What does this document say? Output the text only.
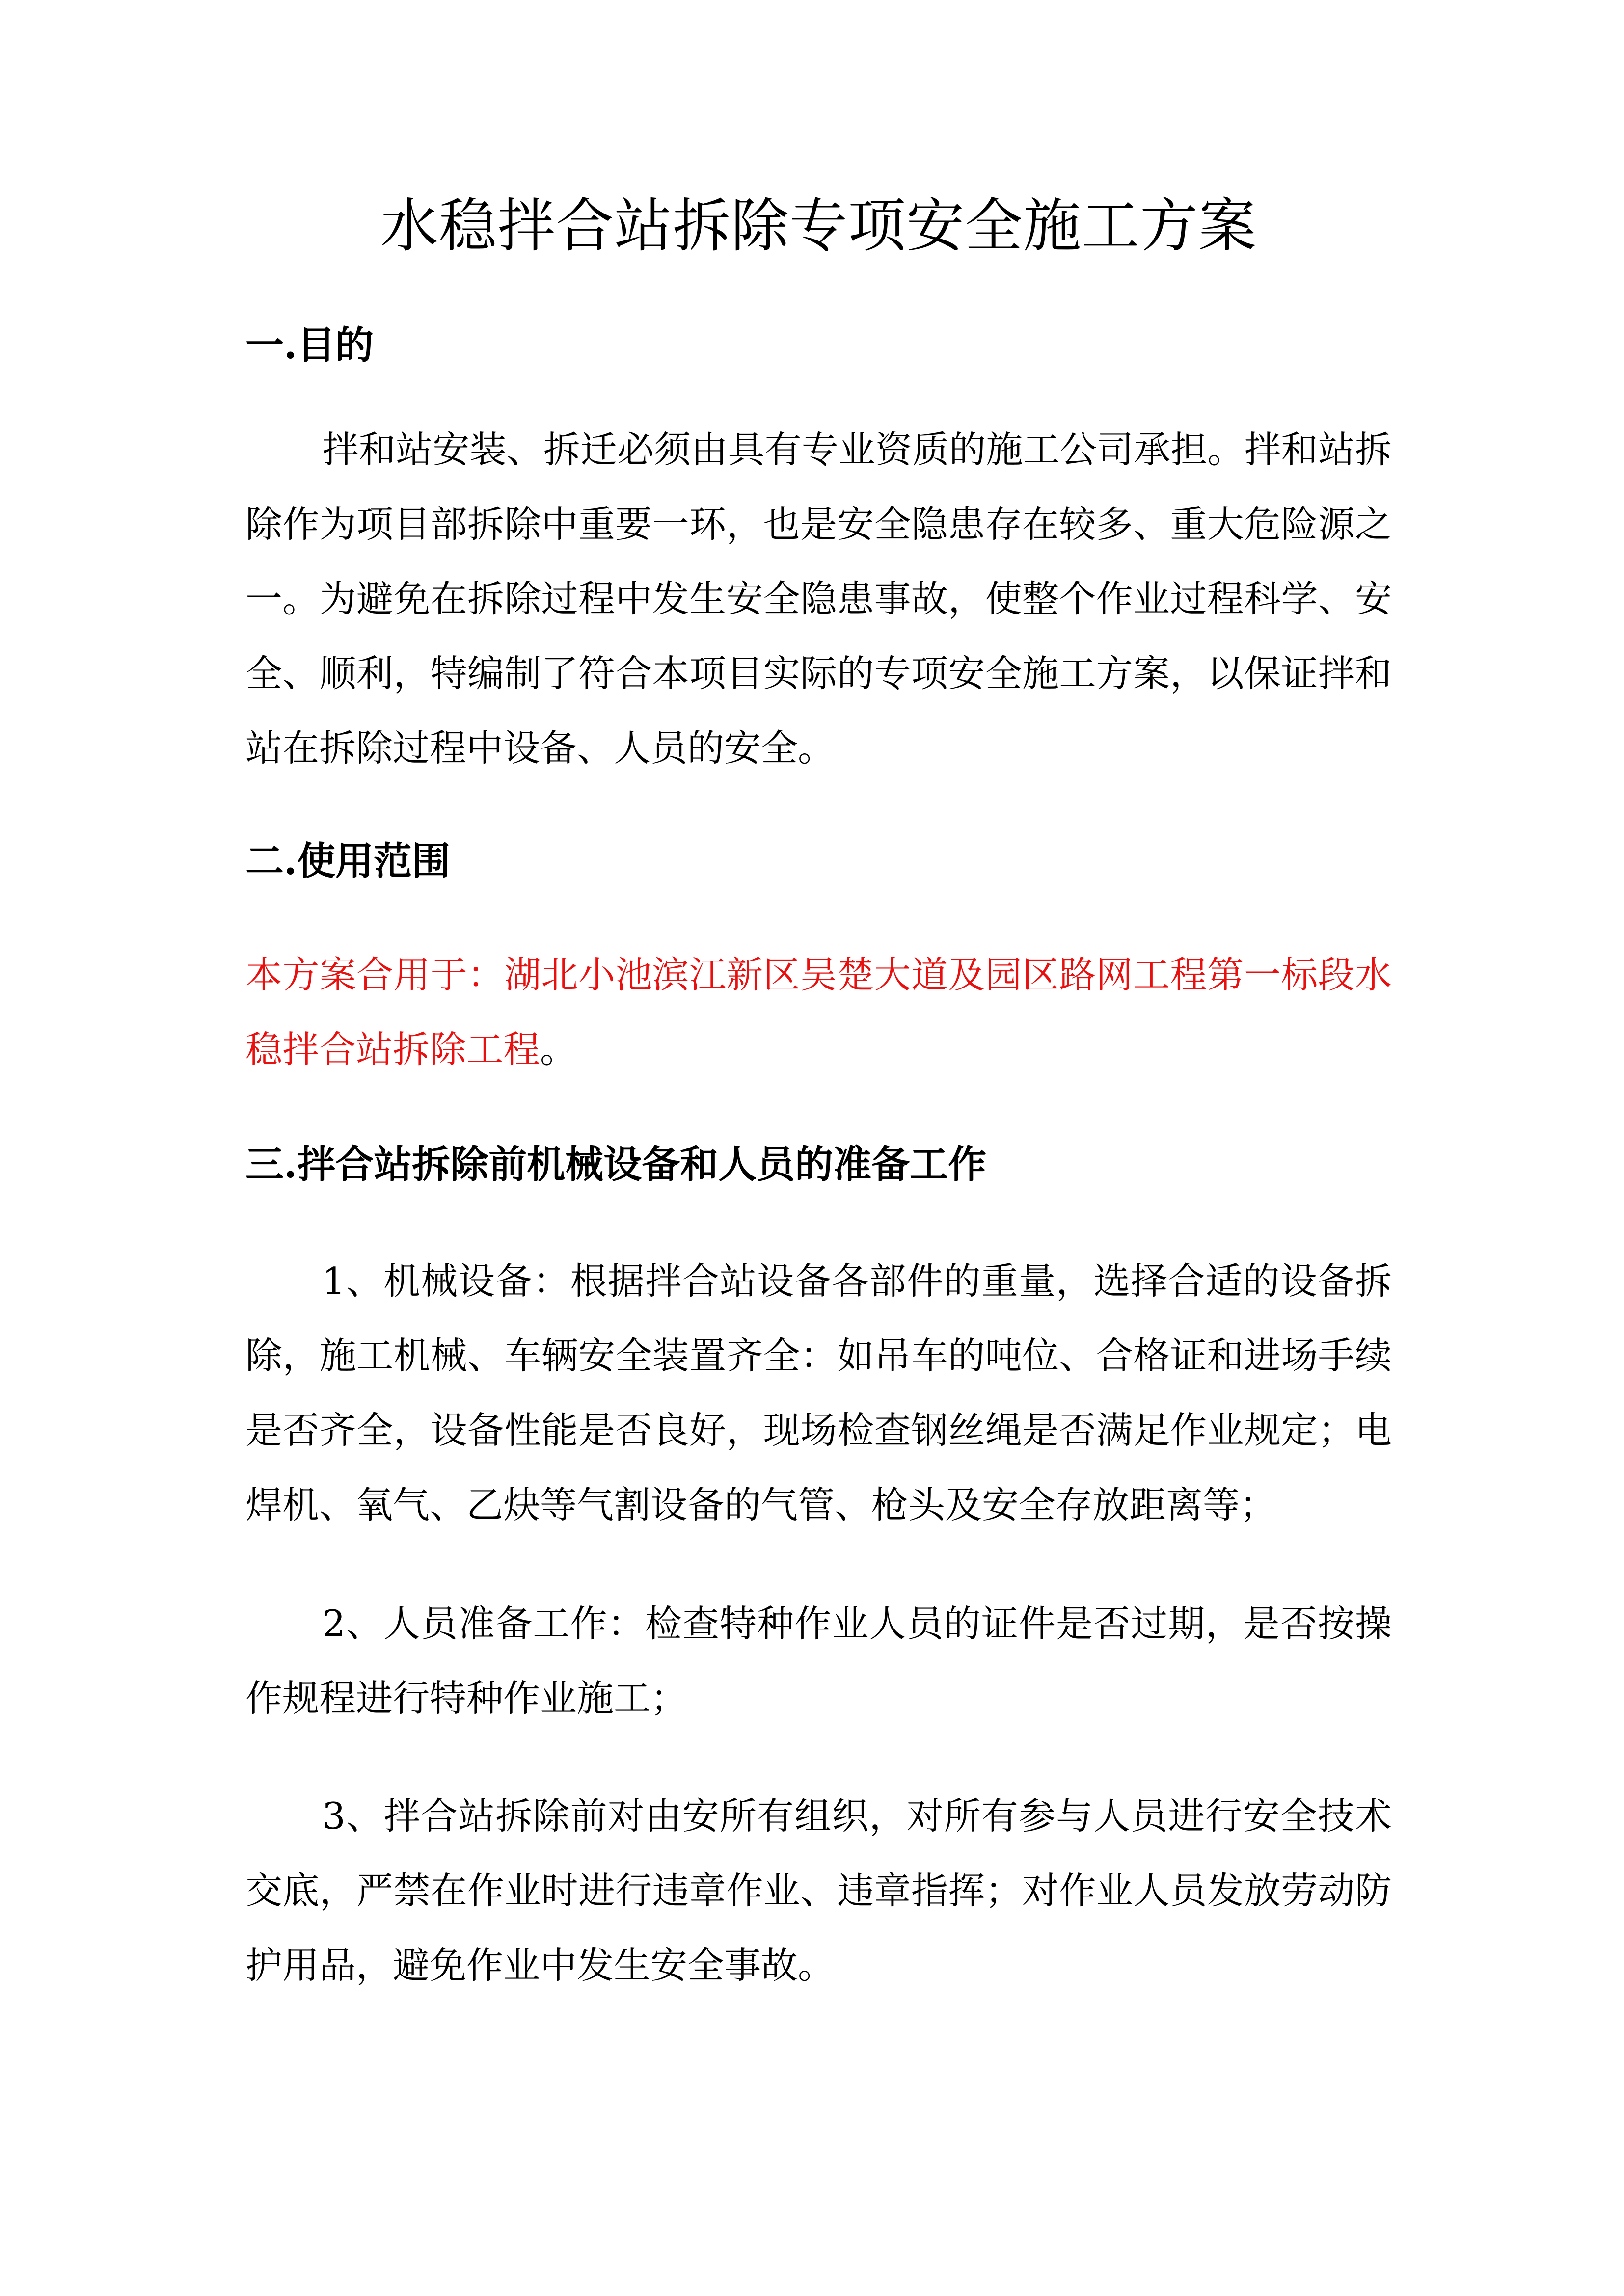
水稳拌合站拆除专项安全施工方案
一.目的

拌和站安装、拆迁必须由具有专业资质的施工公司承担。拌和站拆除作为项目部拆除中重要一环，也是安全隐患存在较多、重大危险源之一。为避免在拆除过程中发生安全隐患事故，使整个作业过程科学、安全、顺利，特编制了符合本项目实际的专项安全施工方案，以保证拌和站在拆除过程中设备、人员的安全。

二.使用范围

本方案合用于：湖北小池滨江新区吴楚大道及园区路网工程第一标段水稳拌合站拆除工程。

三.拌合站拆除前机械设备和人员的准备工作

1、机械设备：根据拌合站设备各部件的重量，选择合适的设备拆除，施工机械、车辆安全装置齐全：如吊车的吨位、合格证和进场手续是否齐全，设备性能是否良好，现场检查钢丝绳是否满足作业规定；电焊机、氧气、乙炔等气割设备的气管、枪头及安全存放距离等；

2、人员准备工作：检查特种作业人员的证件是否过期，是否按操作规程进行特种作业施工；

3、拌合站拆除前对由安所有组织，对所有参与人员进行安全技术交底，严禁在作业时进行违章作业、违章指挥；对作业人员发放劳动防护用品，避免作业中发生安全事故。
